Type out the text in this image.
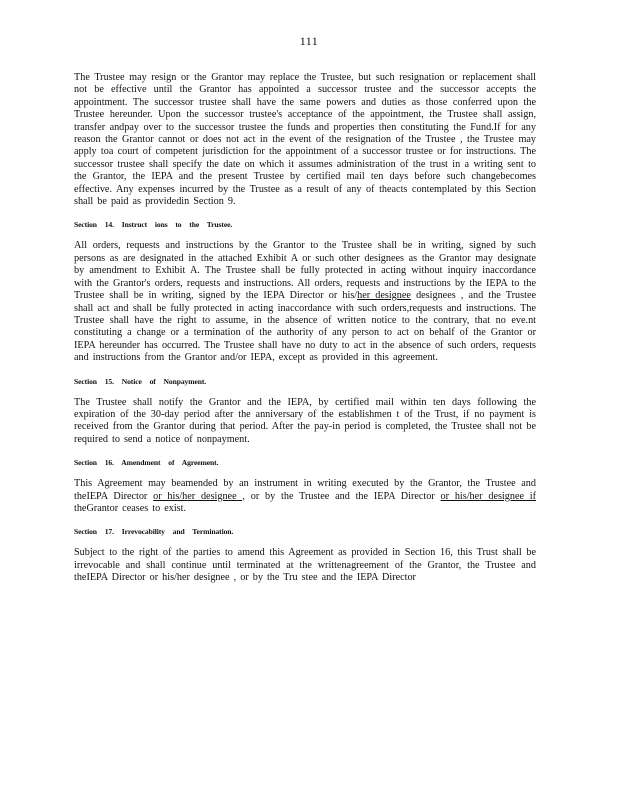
111

The Trustee may resign or the Grantor may replace the Trustee, but such resignation or replacement shall not be effective until the Grantor has appointed a successor trustee and the successor accepts the appointment. The successor trustee shall have the same powers and duties as those conferred upon the Trustee hereunder. Upon the successor trustee's acceptance of the appointment, the Trustee shall assign, transfer andpay over to the successor trustee the funds and properties then constituting the Fund.If for any reason the Grantor cannot or does not act in the event of the resignation of the Trustee , the Trustee may apply toa court of competent jurisdiction for the appointment of a successor trustee or for instructions. The successor trustee shall specify the date on which it assumes administration of the trust in a writing sent to the Grantor, the IEPA and the present Trustee by certified mail ten days before such changebecomes effective. Any expenses incurred by the Trustee as a result of any of theacts contemplated by this Section shall be paid as providedin Section 9.

Section 14. Instruct ions to the Trustee.

All orders, requests and instructions by the Grantor to the Trustee shall be in writing, signed by such persons as are designated in the attached Exhibit A or such other designees as the Grantor may designate by amendment to Exhibit A. The Trustee shall be fully protected in acting without inquiry inaccordance with the Grantor's orders, requests and instructions. All orders, requests and instructions by the IEPA to the Trustee shall be in writing, signed by the IEPA Director or his/her designee designees , and the Trustee shall act and shall be fully protected in acting inaccordance with such orders,requests and instructions. The Trustee shall have the right to assume, in the absence of written notice to the contrary, that no eve.nt constituting a change or a termination of the authority of any person to act on behalf of the Grantor or IEPA hereunder has occurred. The Trustee shall have no duty to act in the absence of such orders, requests and instructions from the Grantor and/or IEPA, except as provided in this agreement.

Section 15. Notice of Nonpayment.

The Trustee shall notify the Grantor and the IEPA, by certified mail within ten days following the expiration of the 30-day period after the anniversary of the establishmen t of the Trust, if no payment is received from the Grantor during that period. After the pay-in period is completed, the Trustee shall not be required to send a notice of nonpayment.

Section 16. Amendment of Agreement.

This Agreement may beamended by an instrument in writing executed by the Grantor, the Trustee and theIEPA Director or his/her designee , or by the Trustee and the IEPA Director or his/her designee if theGrantor ceases to exist.

Section 17. Irrevocability and Termination.

Subject to the right of the parties to amend this Agreement as provided in Section 16, this Trust shall be irrevocable and shall continue until terminated at the writtenagreement of the Grantor, the Trustee and theIEPA Director or his/her designee , or by the Tru stee and the IEPA Director
